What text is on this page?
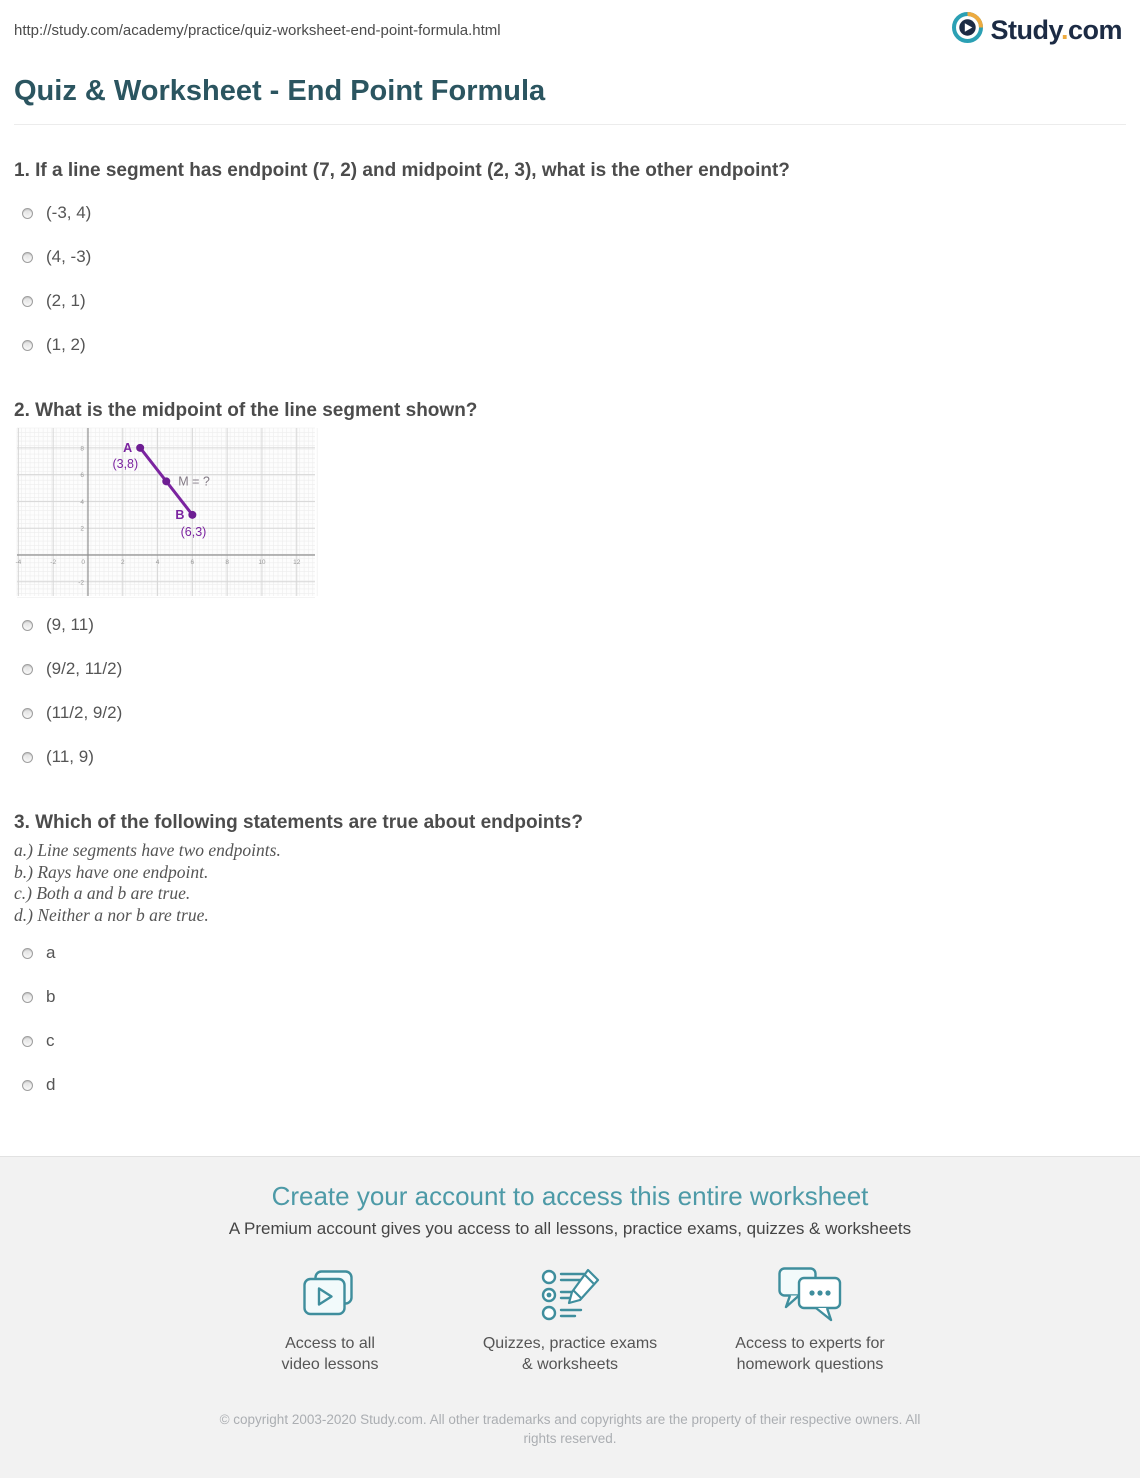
http://study.com/academy/practice/quiz-worksheet-end-point-formula.html	Study.com
Quiz & Worksheet - End Point Formula
1. If a line segment has endpoint (7, 2) and midpoint (2, 3), what is the other endpoint?
(-3, 4)
(4, -3)
(2, 1)
(1, 2)
2. What is the midpoint of the line segment shown?
-4	-2	0	2	4	6	8	10	12
-2
2
4
6
8	A
(3,8)
M = ?
B
(6,3)
(9, 11)
(9/2, 11/2)
(11/2, 9/2)
(11, 9)
3. Which of the following statements are true about endpoints?
a.) Line segments have two endpoints.
b.) Rays have one endpoint.
c.) Both a and b are true.
d.) Neither a nor b are true.
a
b
c
d
Create your account to access this entire worksheet
A Premium account gives you access to all lessons, practice exams, quizzes & worksheets
Access to all
video lessons
Quizzes, practice exams
& worksheets
Access to experts for
homework questions
© copyright 2003-2020 Study.com. All other trademarks and copyrights are the property of their respective owners. All rights reserved.
